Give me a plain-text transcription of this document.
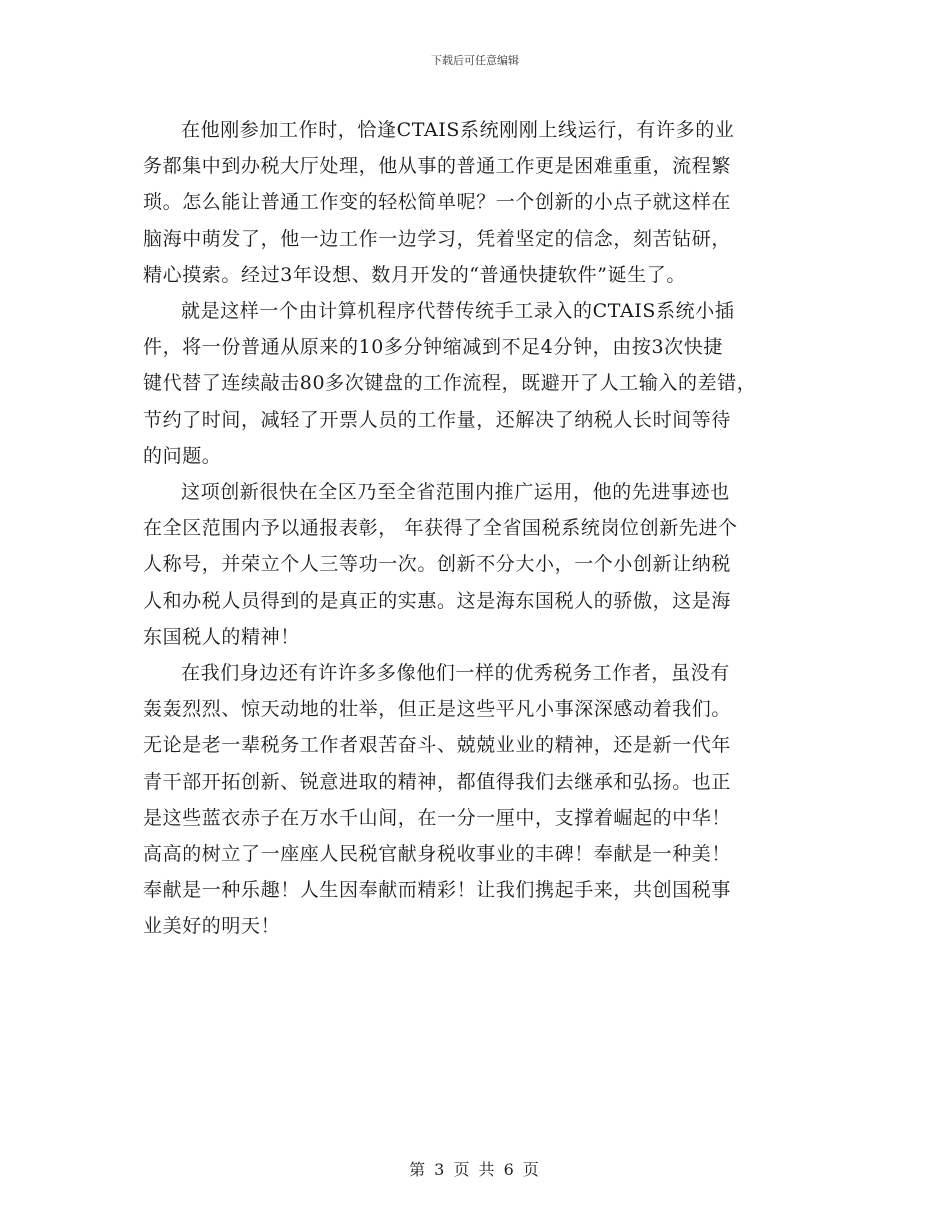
下载后可任意编辑
在他刚参加工作时，恰逢CTAIS系统刚刚上线运行，有许多的业
务都集中到办税大厅处理，他从事的普通工作更是困难重重，流程繁
琐。怎么能让普通工作变的轻松简单呢？一个创新的小点子就这样在
脑海中萌发了，他一边工作一边学习，凭着坚定的信念，刻苦钻研，
精心摸索。经过3年设想、数月开发的“普通快捷软件”诞生了。
就是这样一个由计算机程序代替传统手工录入的CTAIS系统小插
件，将一份普通从原来的10多分钟缩减到不足4分钟，由按3次快捷
键代替了连续敲击80多次键盘的工作流程，既避开了人工输入的差错，
节约了时间，减轻了开票人员的工作量，还解决了纳税人长时间等待
的问题。
这项创新很快在全区乃至全省范围内推广运用，他的先进事迹也
在全区范围内予以通报表彰， 年获得了全省国税系统岗位创新先进个
人称号，并荣立个人三等功一次。创新不分大小，一个小创新让纳税
人和办税人员得到的是真正的实惠。这是海东国税人的骄傲，这是海
东国税人的精神！
在我们身边还有许许多多像他们一样的优秀税务工作者，虽没有
轰轰烈烈、惊天动地的壮举，但正是这些平凡小事深深感动着我们。
无论是老一辈税务工作者艰苦奋斗、兢兢业业的精神，还是新一代年
青干部开拓创新、锐意进取的精神，都值得我们去继承和弘扬。也正
是这些蓝衣赤子在万水千山间，在一分一厘中，支撑着崛起的中华！
高高的树立了一座座人民税官献身税收事业的丰碑！奉献是一种美！
奉献是一种乐趣！人生因奉献而精彩！让我们携起手来，共创国税事
业美好的明天！
第 3 页 共 6 页
